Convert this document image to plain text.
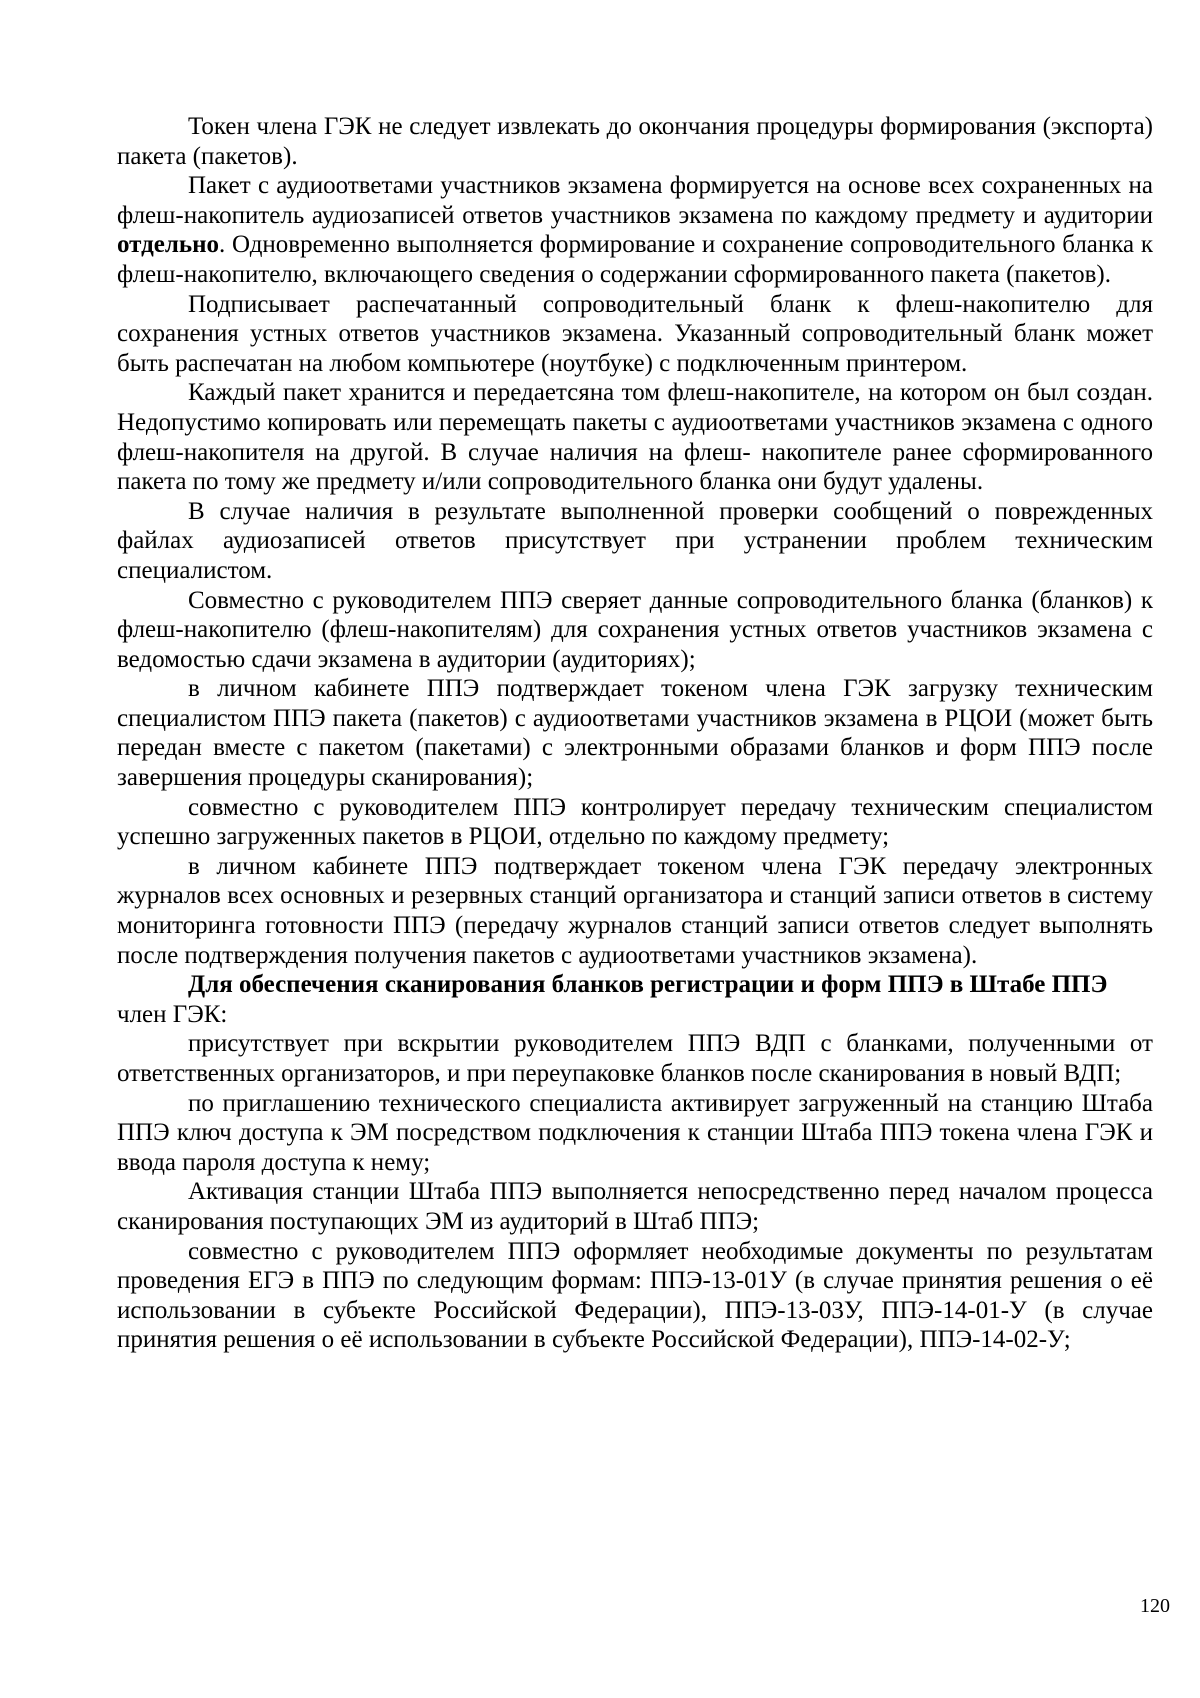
Токен члена ГЭК не следует извлекать до окончания процедуры формирования (экспорта) пакета (пакетов).

Пакет с аудиоответами участников экзамена формируется на основе всех сохраненных на флеш-накопитель аудиозаписей ответов участников экзамена по каждому предмету и аудитории отдельно. Одновременно выполняется формирование и сохранение сопроводительного бланка к флеш-накопителю, включающего сведения о содержании сформированного пакета (пакетов).

Подписывает распечатанный сопроводительный бланк к флеш-накопителю для сохранения устных ответов участников экзамена. Указанный сопроводительный бланк может быть распечатан на любом компьютере (ноутбуке) с подключенным принтером.

Каждый пакет хранится и передаетсяна том флеш-накопителе, на котором он был создан. Недопустимо копировать или перемещать пакеты с аудиоответами участников экзамена с одного флеш-накопителя на другой. В случае наличия на флеш- накопителе ранее сформированного пакета по тому же предмету и/или сопроводительного бланка они будут удалены.

В случае наличия в результате выполненной проверки сообщений о поврежденных файлах аудиозаписей ответов присутствует при устранении проблем техническим специалистом.

Совместно с руководителем ППЭ сверяет данные сопроводительного бланка (бланков) к флеш-накопителю (флеш-накопителям) для сохранения устных ответов участников экзамена с ведомостью сдачи экзамена в аудитории (аудиториях);

в личном кабинете ППЭ подтверждает токеном члена ГЭК загрузку техническим специалистом ППЭ пакета (пакетов) с аудиоответами участников экзамена в РЦОИ (может быть передан вместе с пакетом (пакетами) с электронными образами бланков и форм ППЭ после завершения процедуры сканирования);

совместно с руководителем ППЭ контролирует передачу техническим специалистом успешно загруженных пакетов в РЦОИ, отдельно по каждому предмету;

в личном кабинете ППЭ подтверждает токеном члена ГЭК передачу электронных журналов всех основных и резервных станций организатора и станций записи ответов в систему мониторинга готовности ППЭ (передачу журналов станций записи ответов следует выполнять после подтверждения получения пакетов с аудиоответами участников экзамена).

Для обеспечения сканирования бланков регистрации и форм ППЭ в Штабе ППЭ

член ГЭК:

присутствует при вскрытии руководителем ППЭ ВДП с бланками, полученными от ответственных организаторов, и при переупаковке бланков после сканирования в новый ВДП;

по приглашению технического специалиста активирует загруженный на станцию Штаба ППЭ ключ доступа к ЭМ посредством подключения к станции Штаба ППЭ токена члена ГЭК и ввода пароля доступа к нему;

Активация станции Штаба ППЭ выполняется непосредственно перед началом процесса сканирования поступающих ЭМ из аудиторий в Штаб ППЭ;

совместно с руководителем ППЭ оформляет необходимые документы по результатам проведения ЕГЭ в ППЭ по следующим формам: ППЭ-13-01У (в случае принятия решения о её использовании в субъекте Российской Федерации), ППЭ-13-03У, ППЭ-14-01-У (в случае принятия решения о её использовании в субъекте Российской Федерации), ППЭ-14-02-У;

120
